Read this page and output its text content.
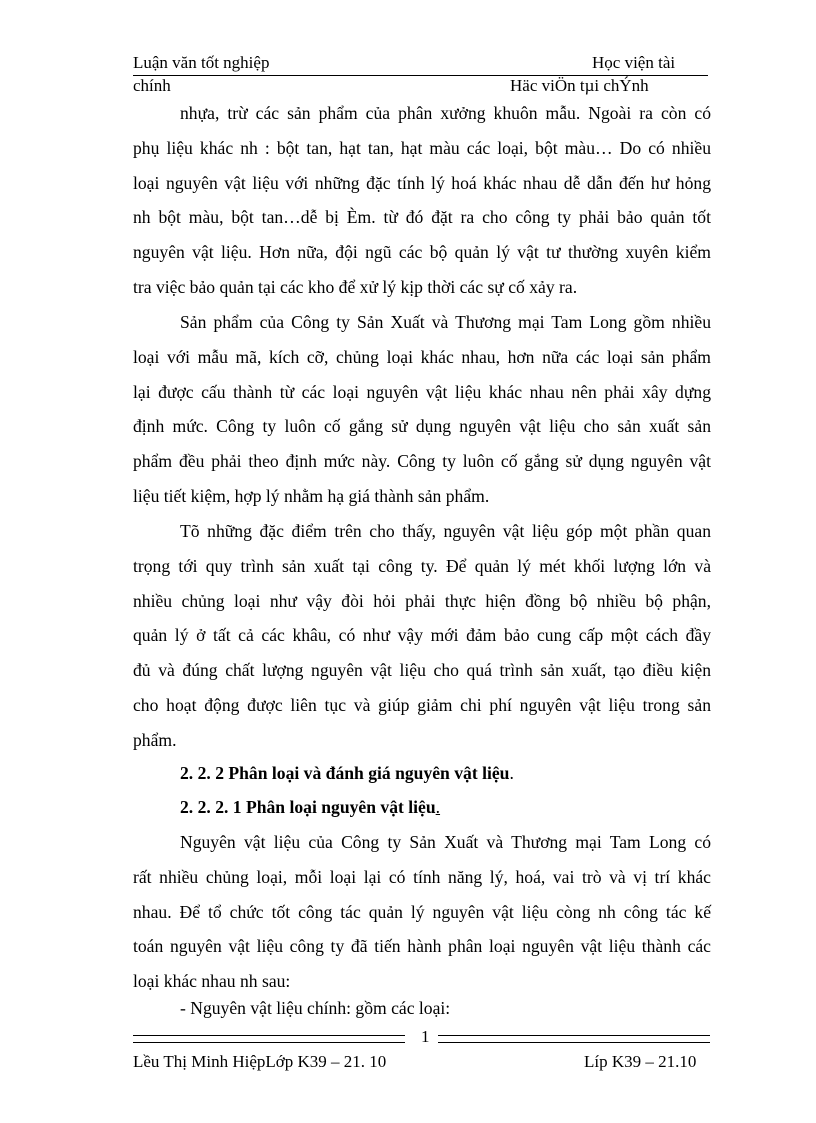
Luận văn tốt nghiệp	Học viện tài
chính	Häc viÖn tµi chÝnh
nhựa, trừ các sản phẩm của phân xưởng khuôn mẫu. Ngoài ra còn có
phụ liệu khác nh : bột tan, hạt tan, hạt màu các loại, bột màu… Do có nhiều
loại nguyên vật liệu với những đặc tính lý hoá khác nhau dễ dẫn đến hư hỏng
nh bột màu, bột tan…dễ bị Èm. từ đó đặt ra cho công ty phải bảo quản tốt
nguyên vật liệu. Hơn nữa, đội ngũ các bộ quản lý vật tư thường xuyên kiểm
tra việc bảo quản tại các kho để xử lý kịp thời các sự cố xảy ra.
Sản phẩm của Công ty Sản Xuất và Thương mại Tam Long gồm nhiều
loại với mẫu mã, kích cỡ, chủng loại khác nhau, hơn nữa các loại sản phẩm
lại được cấu thành từ các loại nguyên vật liệu khác nhau nên phải xây dựng
định mức. Công ty luôn cố gắng sử dụng nguyên vật liệu cho sản xuất sản
phẩm đều phải theo định mức này. Công ty luôn cố gắng sử dụng nguyên vật
liệu tiết kiệm, hợp lý nhằm hạ giá thành sản phẩm.
Tõ những đặc điểm trên cho thấy, nguyên vật liệu góp một phần quan
trọng tới quy trình sản xuất tại công ty. Để quản lý mét khối lượng lớn và
nhiều chủng loại như vậy đòi hỏi phải thực hiện đồng bộ nhiều bộ phận,
quản lý ở tất cả các khâu, có như vậy mới đảm bảo cung cấp một cách đầy
đủ và đúng chất lượng nguyên vật liệu cho quá trình sản xuất, tạo điều kiện
cho hoạt động được liên tục và giúp giảm chi phí nguyên vật liệu trong sản
phẩm.
2. 2. 2 Phân loại và đánh giá nguyên vật liệu.
2. 2. 2. 1 Phân loại nguyên vật liệu.
Nguyên vật liệu của Công ty Sản Xuất và Thương mại Tam Long có
rất nhiều chủng loại, mỗi loại lại có tính năng lý, hoá, vai trò và vị trí khác
nhau. Để tổ chức tốt công tác quản lý nguyên vật liệu còng nh công tác kế
toán nguyên vật liệu công ty đã tiến hành phân loại nguyên vật liệu thành các
loại khác nhau nh sau:
- Nguyên vật liệu chính: gồm các loại:
1
Lều Thị Minh HiệpLớp K39 – 21. 10	Líp K39 – 21.10
